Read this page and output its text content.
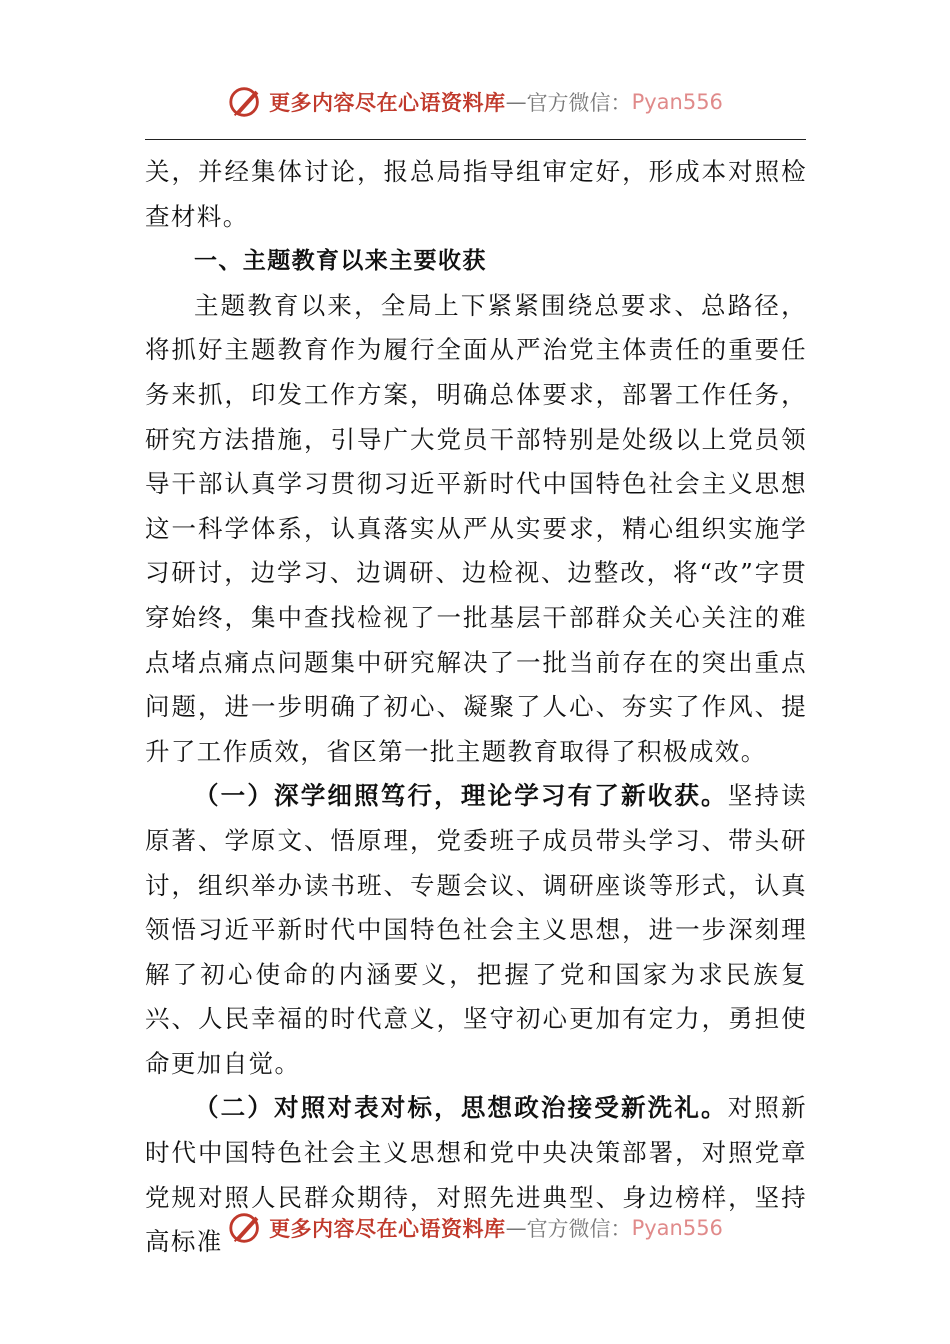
更多内容尽在心语资料库 — 官方微信： Pyan556

关，并经集体讨论，报总局指导组审定好，形成本对照检查材料。

一、主题教育以来主要收获

主题教育以来，全局上下紧紧围绕总要求、总路径，将抓好主题教育作为履行全面从严治党主体责任的重要任务来抓，印发工作方案，明确总体要求，部署工作任务，研究方法措施，引导广大党员干部特别是处级以上党员领导干部认真学习贯彻习近平新时代中国特色社会主义思想这一科学体系，认真落实从严从实要求，精心组织实施学习研讨，边学习、边调研、边检视、边整改，将“改”字贯穿始终，集中查找检视了一批基层干部群众关心关注的难点堵点痛点问题集中研究解决了一批当前存在的突出重点问题，进一步明确了初心、凝聚了人心、夯实了作风、提升了工作质效，省区第一批主题教育取得了积极成效。

（一）深学细照笃行，理论学习有了新收获。坚持读原著、学原文、悟原理，党委班子成员带头学习、带头研讨，组织举办读书班、专题会议、调研座谈等形式，认真领悟习近平新时代中国特色社会主义思想，进一步深刻理解了初心使命的内涵要义，把握了党和国家为求民族复兴、人民幸福的时代意义，坚守初心更加有定力，勇担使命更加自觉。

（二）对照对表对标，思想政治接受新洗礼。对照新时代中国特色社会主义思想和党中央决策部署，对照党章党规对照人民群众期待，对照先进典型、身边榜样，坚持高标准	更多内容尽在心语资料库 — 官方微信： Pyan556
